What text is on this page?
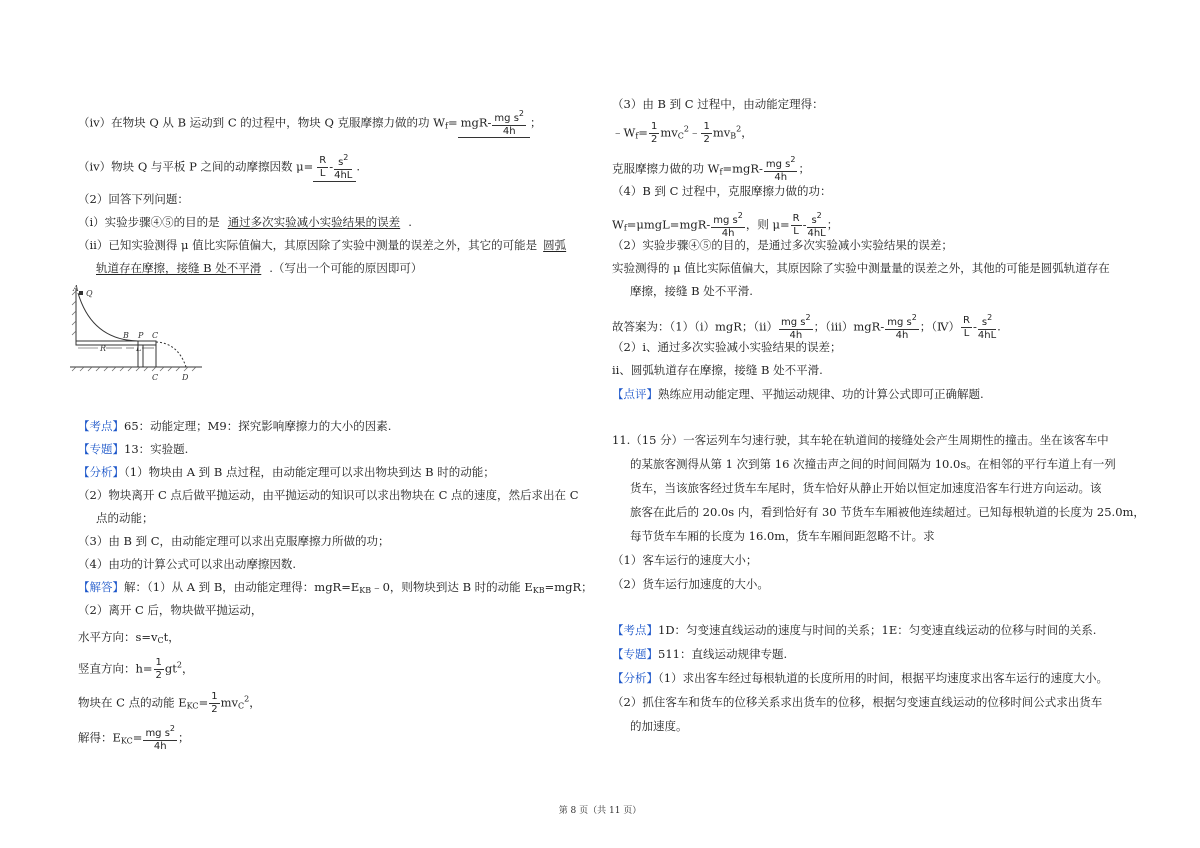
（ⅳ）在物块 Q 从 B 运动到 C 的过程中，物块 Q 克服摩擦力做的功 $W_f= mgR- \frac{mg s^2}{4h}$ ；
（ⅳ）物块 Q 与平板 P 之间的动摩擦因数 $\mu= \frac{R}{L} - \frac{s^2}{4hL}$ .
（2）回答下列问题：
（ⅰ）实验步骤④⑤的目的是 通过多次实验减小实验结果的误差 .
（ⅱ）已知实验测得 μ 值比实际值偏大，其原因除了实验中测量的误差之外，其它的可能是 圆弧
轨道存在摩擦，接缝 B 处不平滑 .（写出一个可能的原因即可）
A
Q
B P C
R	L
C	D
【考点】65：动能定理；M9：探究影响摩擦力的大小的因素.
【专题】13：实验题.
【分析】（1）物块由 A 到 B 点过程，由动能定理可以求出物块到达 B 时的动能；
（2）物块离开 C 点后做平抛运动，由平抛运动的知识可以求出物块在 C 点的速度，然后求出在 C
点的动能；
（3）由 B 到 C，由动能定理可以求出克服摩擦力所做的功；
（4）由功的计算公式可以求出动摩擦因数.
【解答】解：（1）从 A 到 B，由动能定理得：$mgR=E_{KB}﹣0$，则物块到达 B 时的动能 $E_{KB}=mgR$；
（2）离开 C 后，物块做平抛运动，
水平方向：$s=v_Ct$，
竖直方向：$h= \frac{1}{2} gt^2$，
物块在 C 点的动能 $E_{KC}= \frac{1}{2} mv_C^2$，
解得：$E_{KC}= \frac{mg s^2}{4h}$ ；
（3）由 B 到 C 过程中，由动能定理得：
$﹣W_f= \frac{1}{2}$ $mv_C^2﹣ \frac{1}{2} mv_B^2$，
克服摩擦力做的功 $W_f=mgR- \frac{mg s^2}{4h}$ ；
（4）B 到 C 过程中，克服摩擦力做的功：
$W_f=\mu mgL=mgR- \frac{mg s^2}{4h}$ ，则 $\mu= \frac{R}{L} - \frac{s^2}{4hL}$ ；
（2）实验步骤④⑤的目的，是通过多次实验减小实验结果的误差；
实验测得的 μ 值比实际值偏大，其原因除了实验中测量量的误差之外，其他的可能是圆弧轨道存在
摩擦，接缝 B 处不平滑.
故答案为：（1）（ⅰ）mgR；（ⅱ） $\frac{mg s^2}{4h}$ ；（ⅲ）mgR- $\frac{mg s^2}{4h}$ ；（Ⅳ） $\frac{R}{L} - \frac{s^2}{4hL}$ .
（2）ⅰ、通过多次实验减小实验结果的误差；
ⅱ、圆弧轨道存在摩擦，接缝 B 处不平滑.
【点评】熟练应用动能定理、平抛运动规律、功的计算公式即可正确解题.
11.（15 分）一客运列车匀速行驶，其车轮在轨道间的接缝处会产生周期性的撞击。坐在该客车中
的某旅客测得从第 1 次到第 16 次撞击声之间的时间间隔为 10.0s。在相邻的平行车道上有一列
货车，当该旅客经过货车车尾时，货车恰好从静止开始以恒定加速度沿客车行进方向运动。该
旅客在此后的 20.0s 内，看到恰好有 30 节货车车厢被他连续超过。已知每根轨道的长度为 25.0m，
每节货车车厢的长度为 16.0m，货车车厢间距忽略不计。求
（1）客车运行的速度大小；
（2）货车运行加速度的大小。
【考点】1D：匀变速直线运动的速度与时间的关系；1E：匀变速直线运动的位移与时间的关系.
【专题】511：直线运动规律专题.
【分析】（1）求出客车经过每根轨道的长度所用的时间，根据平均速度求出客车运行的速度大小。
（2）抓住客车和货车的位移关系求出货车的位移，根据匀变速直线运动的位移时间公式求出货车
的加速度。
第 8 页（共 11 页）
